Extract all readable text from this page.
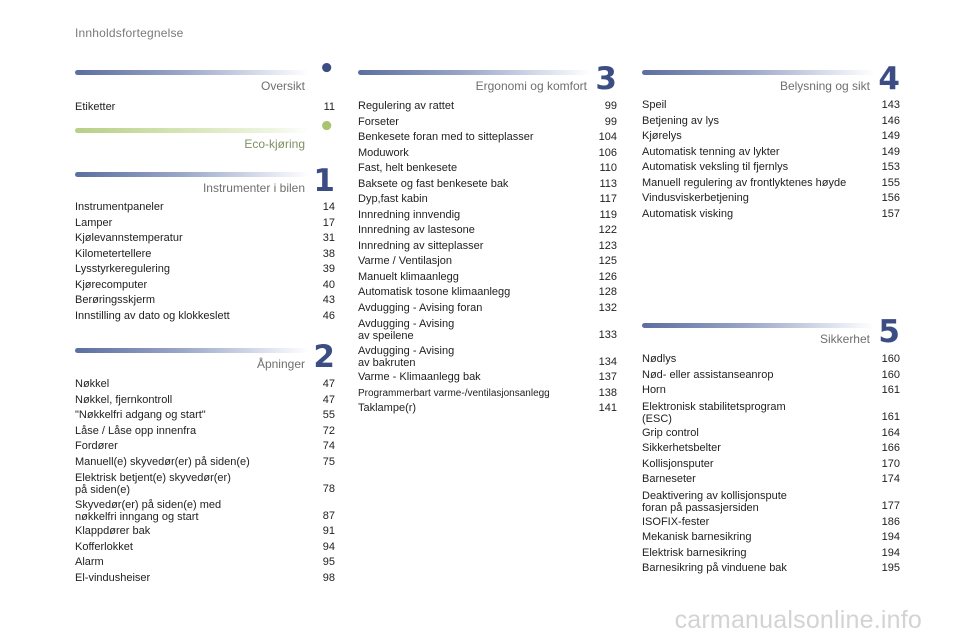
Innholdsfortegnelse
Oversikt
•
Etiketter	11
Eco-kjøring
•
Instrumenter i bilen 1
Instrumentpaneler	14
Lamper	17
Kjølevannstemperatur	31
Kilometertellere	38
Lysstyrkeregulering	39
Kjørecomputer	40
Berøringsskjerm	43
Innstilling av dato og klokkeslett	46
Åpninger 2
Nøkkel	47
Nøkkel, fjernkontroll	47
"Nøkkelfri adgang og start"	55
Låse / Låse opp innenfra	72
Fordører	74
Manuell(e) skyvedør(er) på siden(e)	75
Elektrisk betjent(e) skyvedør(er)
på siden(e)	78
Skyvedør(er) på siden(e) med
nøkkelfri inngang og start	87
Klappdører bak	91
Kofferlokket	94
Alarm	95
El-vindusheiser	98
Ergonomi og komfort 3
Regulering av rattet	99
Forseter	99
Benkesete foran med to sitteplasser	104
Moduwork	106
Fast, helt benkesete	110
Baksete og fast benkesete bak	113
Dyp,fast kabin	117
Innredning innvendig	119
Innredning av lastesone	122
Innredning av sitteplasser	123
Varme / Ventilasjon	125
Manuelt klimaanlegg	126
Automatisk tosone klimaanlegg	128
Avdugging - Avising foran	132
Avdugging - Avising
av speilene	133
Avdugging - Avising
av bakruten	134
Varme - Klimaanlegg bak	137
Programmerbart varme-/ventilasjonsanlegg	138
Taklampe(r)	141
Belysning og sikt 4
Speil	143
Betjening av lys	146
Kjørelys	149
Automatisk tenning av lykter	149
Automatisk veksling til fjernlys	153
Manuell regulering av frontlyktenes høyde	155
Vindusviskerbetjening	156
Automatisk visking	157
Sikkerhet 5
Nødlys	160
Nød- eller assistanseanrop	160
Horn	161
Elektronisk stabilitetsprogram
(ESC)	161
Grip control	164
Sikkerhetsbelter	166
Kollisjonsputer	170
Barneseter	174
Deaktivering av kollisjonspute
foran på passasjersiden	177
ISOFIX-fester	186
Mekanisk barnesikring	194
Elektrisk barnesikring	194
Barnesikring på vinduene bak	195
carmanualsonline.info
